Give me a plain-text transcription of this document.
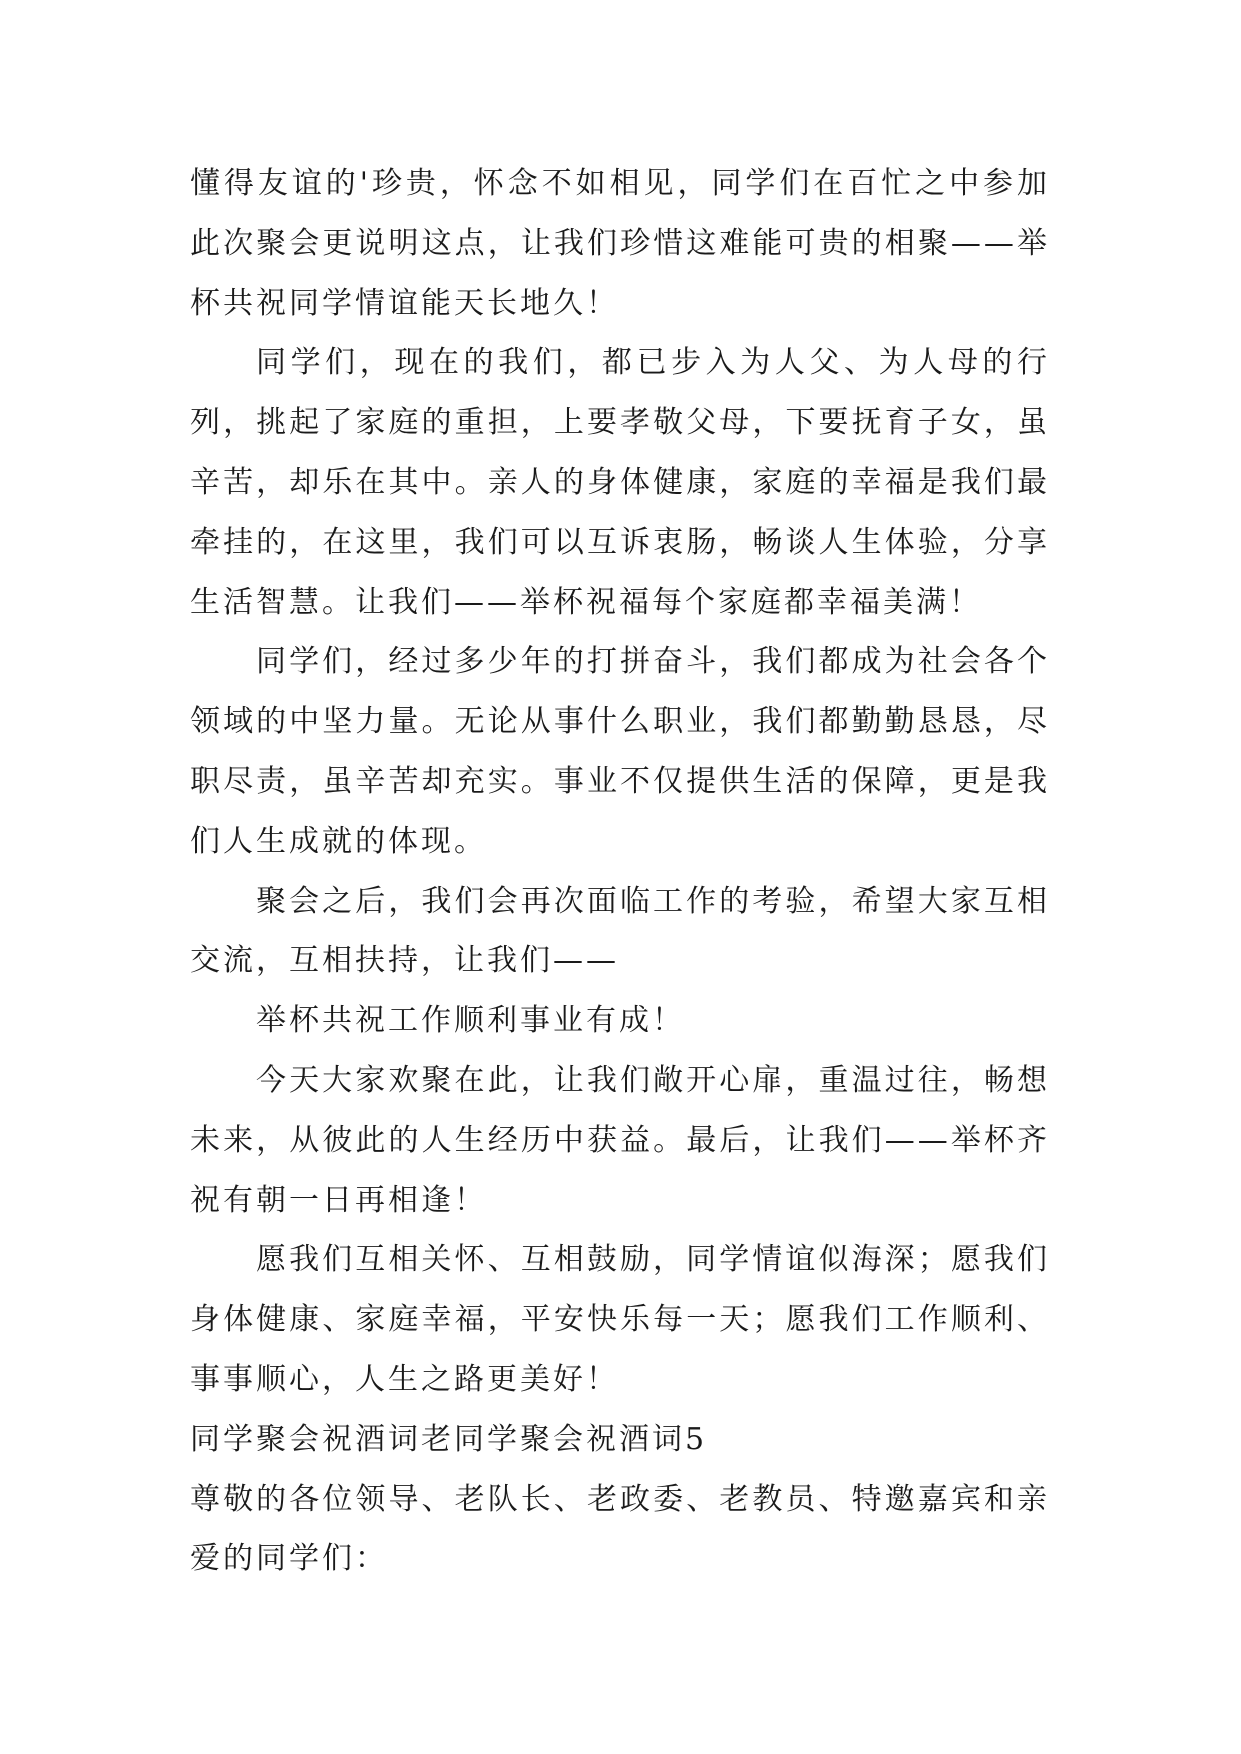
懂得友谊的'珍贵，怀念不如相见，同学们在百忙之中参加此次聚会更说明这点，让我们珍惜这难能可贵的相聚——举杯共祝同学情谊能天长地久！

同学们，现在的我们，都已步入为人父、为人母的行列，挑起了家庭的重担，上要孝敬父母，下要抚育子女，虽辛苦，却乐在其中。亲人的身体健康，家庭的幸福是我们最牵挂的，在这里，我们可以互诉衷肠，畅谈人生体验，分享生活智慧。让我们——举杯祝福每个家庭都幸福美满！

同学们，经过多少年的打拼奋斗，我们都成为社会各个领域的中坚力量。无论从事什么职业，我们都勤勤恳恳，尽职尽责，虽辛苦却充实。事业不仅提供生活的保障，更是我们人生成就的体现。

聚会之后，我们会再次面临工作的考验，希望大家互相交流，互相扶持，让我们——

举杯共祝工作顺利事业有成！

今天大家欢聚在此，让我们敞开心扉，重温过往，畅想未来，从彼此的人生经历中获益。最后，让我们——举杯齐祝有朝一日再相逢！

愿我们互相关怀、互相鼓励，同学情谊似海深；愿我们身体健康、家庭幸福，平安快乐每一天；愿我们工作顺利、事事顺心，人生之路更美好！

同学聚会祝酒词老同学聚会祝酒词5

尊敬的各位领导、老队长、老政委、老教员、特邀嘉宾和亲爱的同学们：
